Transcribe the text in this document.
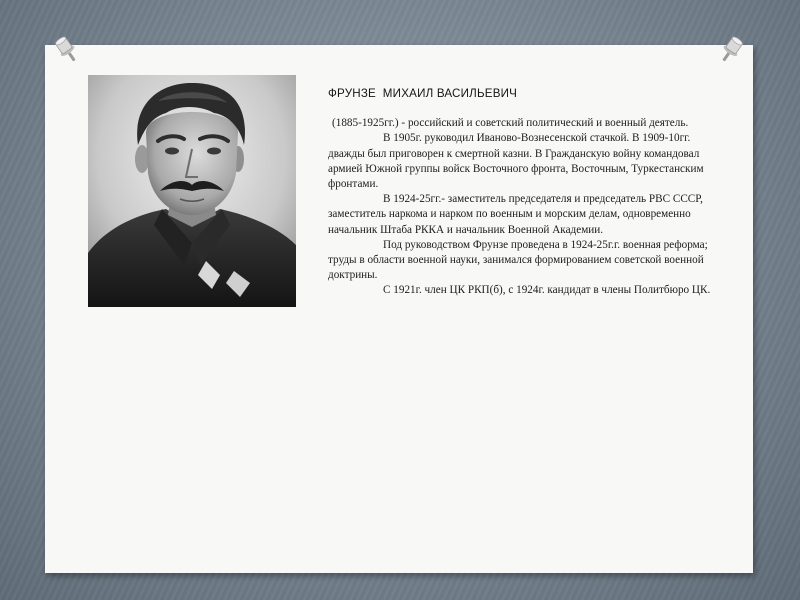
ФРУНЗЕ  МИХАИЛ ВАСИЛЬЕВИЧ

(1885-1925гг.) - российский и советский политический и военный деятель.

В 1905г. руководил Иваново-Вознесенской стачкой. В 1909-10гг. дважды был приговорен к смертной казни. В Гражданскую войну командовал армией Южной группы войск Восточного фронта, Восточным, Туркестанским фронтами.

В 1924-25гг.- заместитель председателя и председатель РВС СССР, заместитель наркома и нарком по военным и морским делам, одновременно начальник Штаба РККА и начальник Военной Академии.

Под руководством Фрунзе проведена в 1924-25г.г. военная реформа; труды в области военной науки, занимался формированием советской военной доктрины.

С 1921г. член ЦК РКП(б), с 1924г. кандидат в члены Политбюро ЦК.
